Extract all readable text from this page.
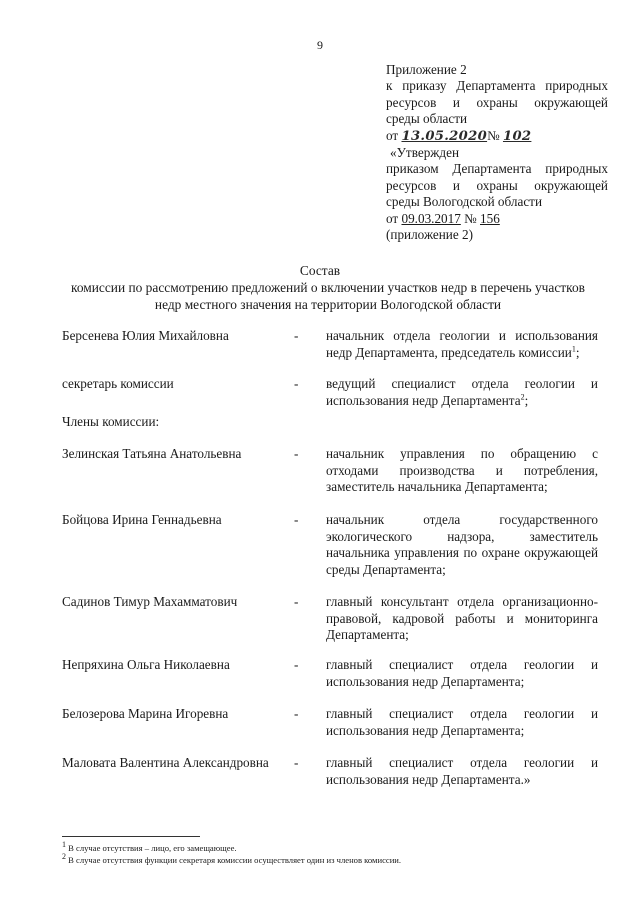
9
Приложение 2
к приказу Департамента природных
ресурсов и охраны окружающей
среды области
от 13.05.2020№ 102
«Утвержден
приказом Департамента природных
ресурсов и охраны окружающей
среды Вологодской области
от 09.03.2017 № 156
(приложение 2)
Состав
комиссии по рассмотрению предложений о включении участков недр в перечень участков недр местного значения на территории Вологодской области
Берсенева Юлия Михайловна	- начальник отдела геологии и использования недр Департамента, председатель комиссии$^1$;
секретарь комиссии	- ведущий специалист отдела геологии и использования недр Департамента$^2$;
Члены комиссии:
Зелинская Татьяна Анатольевна	- начальник управления по обращению с отходами производства и потребления, заместитель начальника Департамента;
Бойцова Ирина Геннадьевна	- начальник отдела государственного экологического надзора, заместитель начальника управления по охране окружающей среды Департамента;
Садинов Тимур Махамматович	- главный консультант отдела организационно-правовой, кадровой работы и мониторинга Департамента;
Непряхина Ольга Николаевна	- главный специалист отдела геологии и использования недр Департамента;
Белозерова Марина Игоревна	- главный специалист отдела геологии и использования недр Департамента;
Маловата Валентина Александровна - главный специалист отдела геологии и использования недр Департамента.»
$^1$ В случае отсутствия – лицо, его замещающее.
$^2$ В случае отсутствия функции секретаря комиссии осуществляет один из членов комиссии.
